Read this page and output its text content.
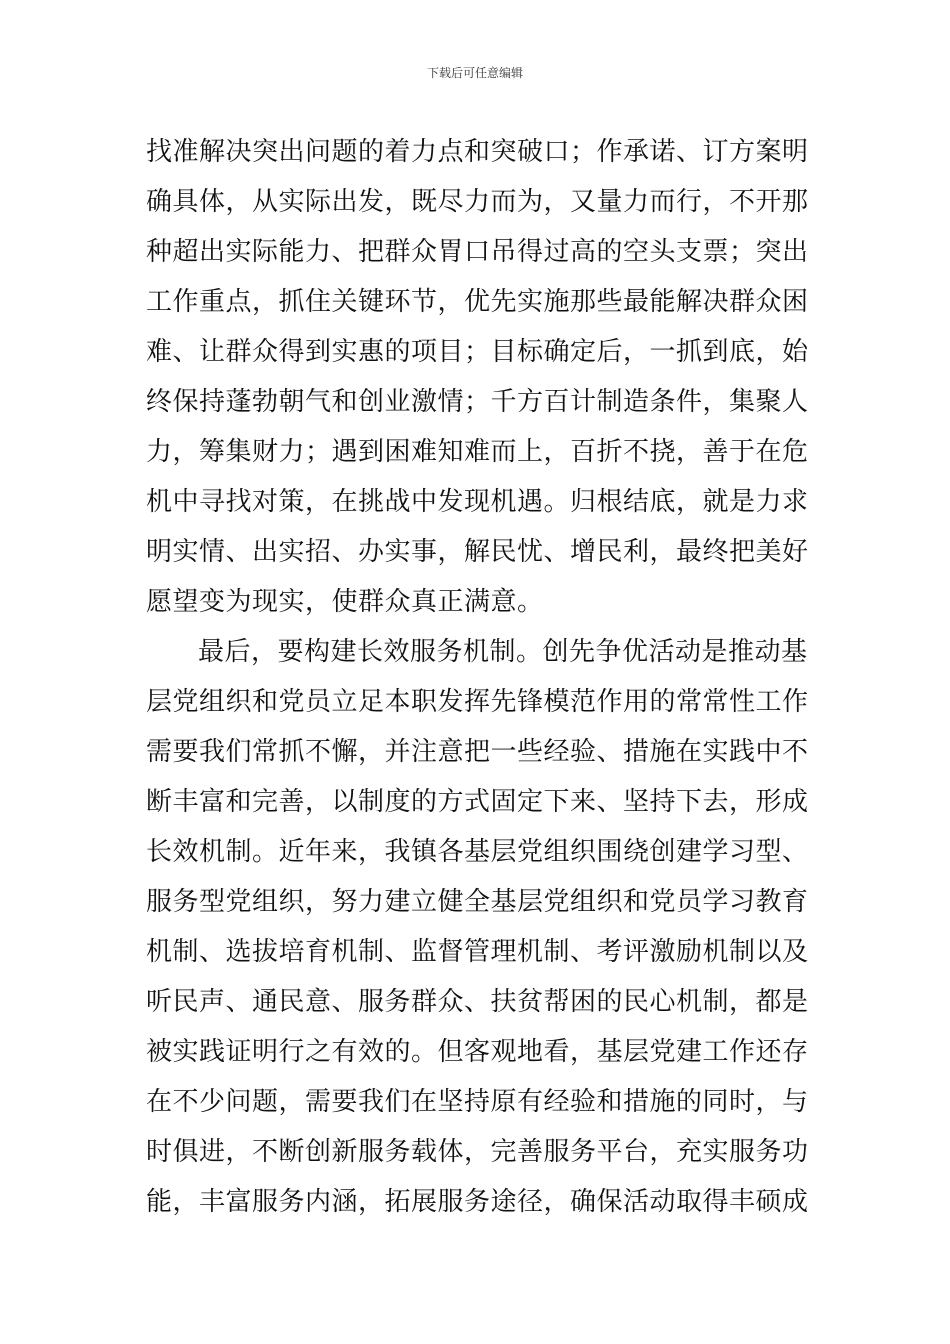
下载后可任意编辑
找准解决突出问题的着力点和突破口；作承诺、订方案明
确具体，从实际出发，既尽力而为，又量力而行，不开那
种超出实际能力、把群众胃口吊得过高的空头支票；突出
工作重点，抓住关键环节，优先实施那些最能解决群众困
难、让群众得到实惠的项目；目标确定后，一抓到底，始
终保持蓬勃朝气和创业激情；千方百计制造条件，集聚人
力，筹集财力；遇到困难知难而上，百折不挠，善于在危
机中寻找对策，在挑战中发现机遇。归根结底，就是力求
明实情、出实招、办实事，解民忧、增民利，最终把美好
愿望变为现实，使群众真正满意。
最后，要构建长效服务机制。创先争优活动是推动基
层党组织和党员立足本职发挥先锋模范作用的常常性工作
需要我们常抓不懈，并注意把一些经验、措施在实践中不
断丰富和完善，以制度的方式固定下来、坚持下去，形成
长效机制。近年来，我镇各基层党组织围绕创建学习型、
服务型党组织，努力建立健全基层党组织和党员学习教育
机制、选拔培育机制、监督管理机制、考评激励机制以及
听民声、通民意、服务群众、扶贫帮困的民心机制，都是
被实践证明行之有效的。但客观地看，基层党建工作还存
在不少问题，需要我们在坚持原有经验和措施的同时，与
时俱进，不断创新服务载体，完善服务平台，充实服务功
能，丰富服务内涵，拓展服务途径，确保活动取得丰硕成
